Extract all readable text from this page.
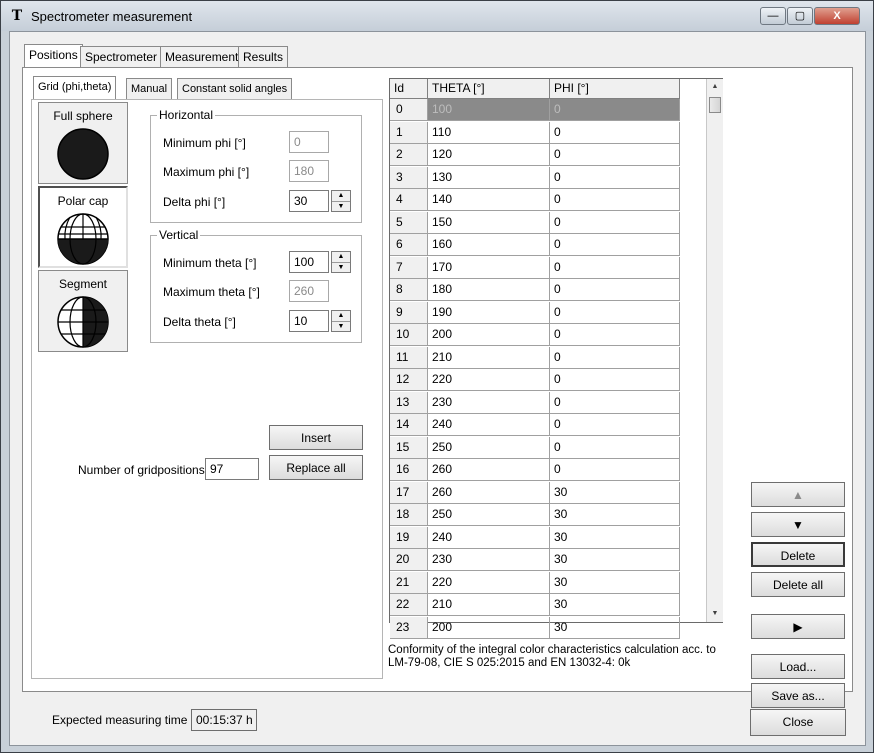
T Spectrometer measurement	—	▢	X
Positions Spectrometer Measurement Results
Grid (phi,theta)	Manual	Constant solid angles
Full sphere
Polar cap
Segment
Horizontal
Minimum phi [°]	0
Maximum phi [°]	180
Delta phi [°]	30	▲
▼
Vertical
Minimum theta [°]	100	▲
▼
Maximum theta [°]	260
Delta theta [°]	10	▲
▼
Insert
Replace all
Number of gridpositions 97
Id	THETA [°]	PHI [°]
0	100	0
1	110	0
2	120	0
3	130	0
4	140	0
5	150	0
6	160	0
7	170	0
8	180	0
9	190	0
10	200	0
11	210	0
12	220	0
13	230	0
14	240	0
15	250	0
16	260	0
17	260	30
18	250	30
19	240	30
20	230	30
21	220	30
22	210	30
23	200	30
▲
▼
▲
▼
Delete
Delete all
▶
Load...
Save as...
Conformity of the integral color characteristics calculation acc. to LM-79-08, CIE S 025:2015 and EN 13032-4: 0k
Expected measuring time 00:15:37 h	Close
